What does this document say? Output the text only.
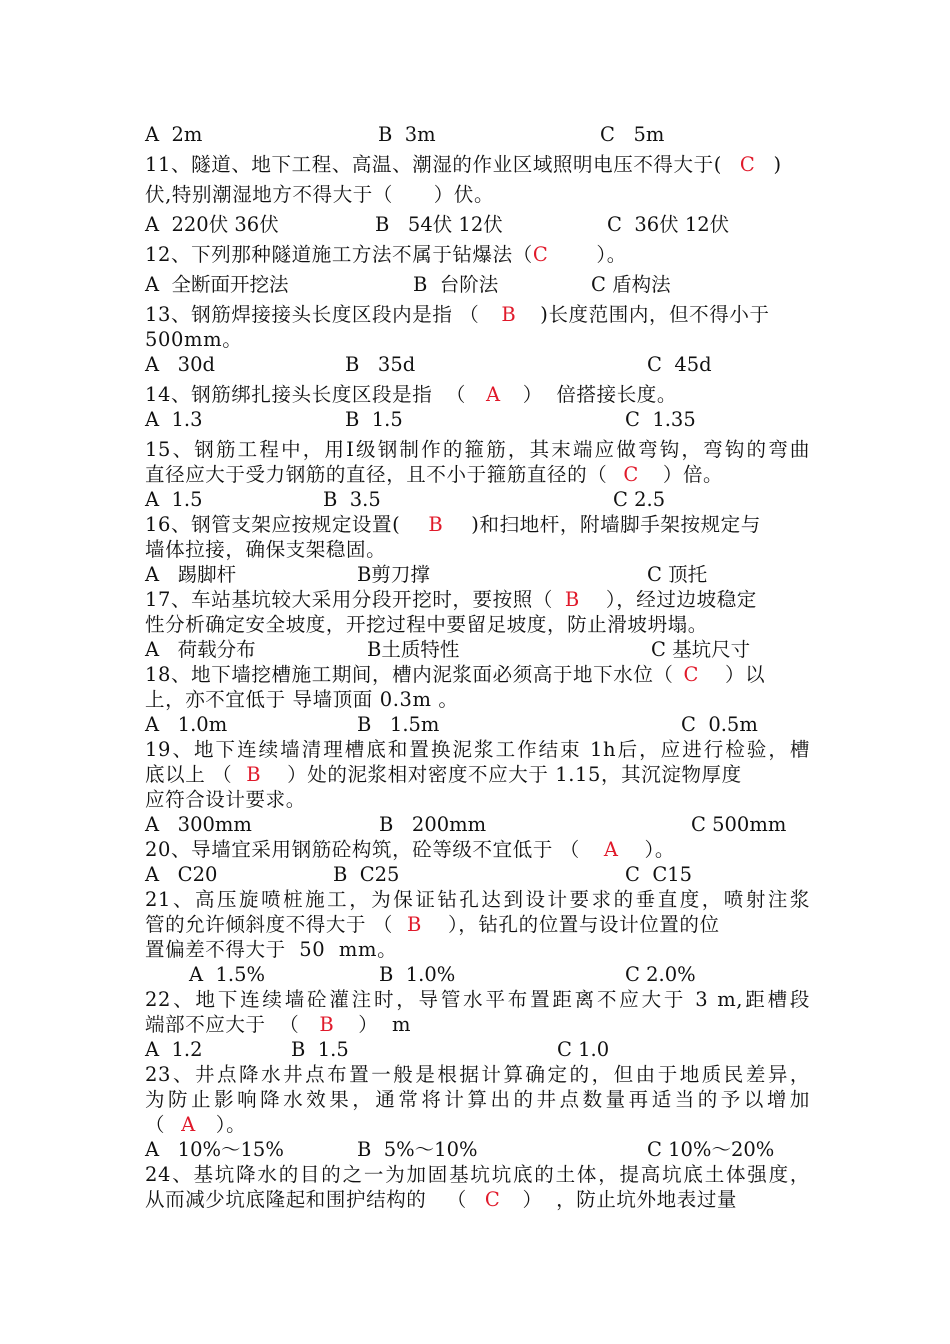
A  2m

	B  3m

	C   5m

11、隧道、地下工程、高温、潮湿的作业区域照明电压不得大于( C )
伏,特别潮湿地方不得大于（      ）伏。

A  220伏 36伏

	B   54伏 12伏

	C  36伏 12伏

12、下列那种隧道施工方法不属于钻爆法（C ）。

A  全断面开挖法

	B  台阶法

	C 盾构法

13、钢筋焊接接头长度区段内是指 （ B )长度范围内，但不得小于
500mm。

A   30d

	B   35d

	C  45d

14、钢筋绑扎接头长度区段是指  （ A ）  倍搭接长度。

A  1.3

	B  1.5

	C  1.35

15、钢筋工程中，用Ⅰ级钢制作的箍筋，其末端应做弯钩，弯钩的弯曲
直径应大于受力钢筋的直径，且不小于箍筋直径的（ C ）倍。

A  1.5

	B  3.5

	C 2.5

16、钢管支架应按规定设置( B )和扫地杆，附墙脚手架按规定与
墙体拉接，确保支架稳固。

A   踢脚杆

	B剪刀撑

	C 顶托

17、车站基坑较大采用分段开挖时，要按照（ B ），经过边坡稳定
性分析确定安全坡度，开挖过程中要留足坡度，防止滑坡坍塌。

A   荷载分布

	B土质特性

	C 基坑尺寸

18、地下墙挖槽施工期间，槽内泥浆面必须高于地下水位（ C ）以
上，亦不宜低于 导墙顶面 0.3m 。

A   1.0m

	B   1.5m

	C  0.5m

19、地下连续墙清理槽底和置换泥浆工作结束 1h后，应进行检验，槽
底以上 （ B ）处的泥浆相对密度不应大于 1.15，其沉淀物厚度
应符合设计要求。

A   300mm

	B   200mm

	C 500mm

20、导墙宜采用钢筋砼构筑，砼等级不宜低于 （ A ）。

A   C20

	B  C25

	C  C15

21、高压旋喷桩施工，为保证钻孔达到设计要求的垂直度，喷射注浆
管的允许倾斜度不得大于 （ B ），钻孔的位置与设计位置的位
置偏差不得大于  50  mm。

A  1.5%

	B  1.0%

	C 2.0%

22、地下连续墙砼灌注时，导管水平布置距离不应大于 3 m,距槽段
端部不应大于  （ B ）  m

A  1.2

	B  1.5

	C 1.0

23、井点降水井点布置一般是根据计算确定的，但由于地质民差异，
为防止影响降水效果，通常将计算出的井点数量再适当的予以增加
（ A ）。

A   10%～15%

	B  5%～10%

	C 10%～20%

24、基坑降水的目的之一为加固基坑坑底的土体，提高坑底土体强度，
从而减少坑底隆起和围护结构的   （ C ）  ，防止坑外地表过量
